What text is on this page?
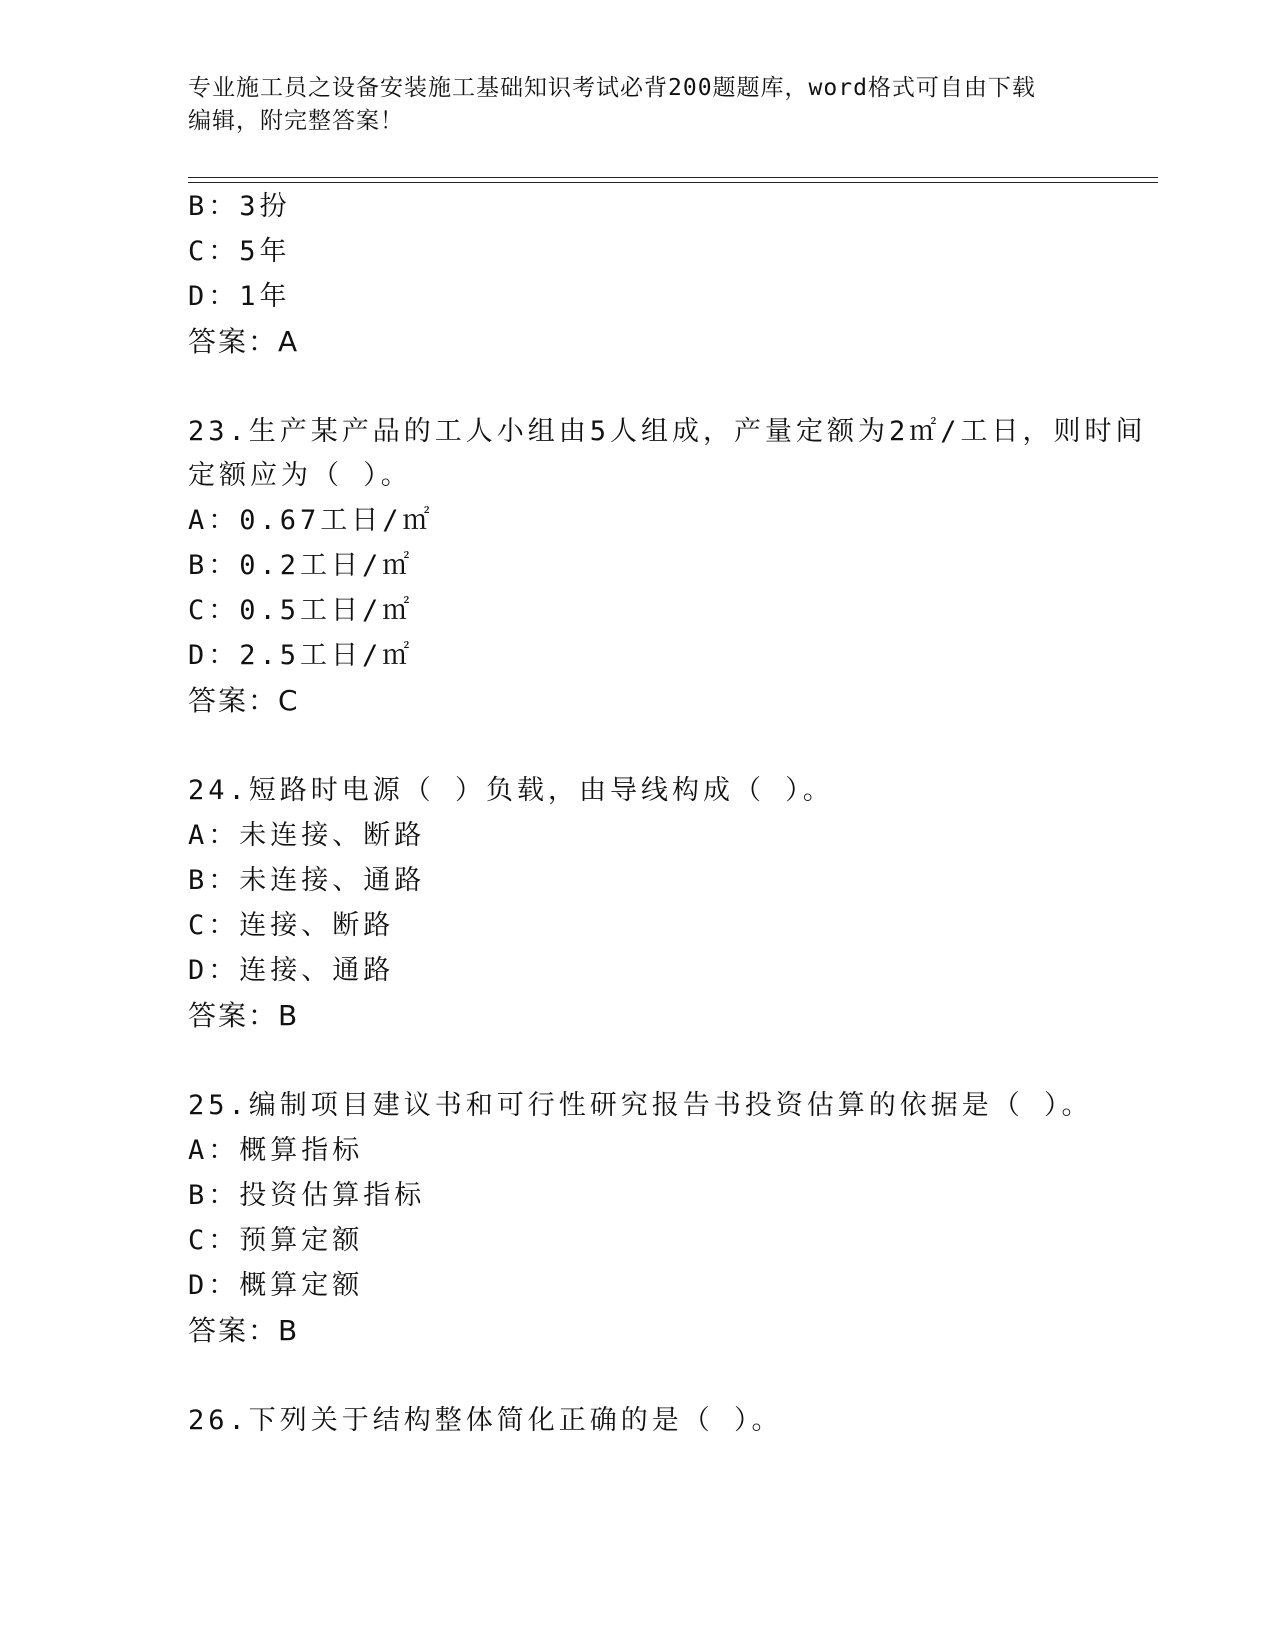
专业施工员之设备安装施工基础知识考试必背200题题库，word格式可自由下载
编辑，附完整答案！
B：3扮
C：5年
D：1年
答案：A
23.生产某产品的工人小组由5人组成，产量定额为2㎡/工日，则时间
定额应为（ ）。
A：0.67工日/㎡
B：0.2工日/㎡
C：0.5工日/㎡
D：2.5工日/㎡
答案：C
24.短路时电源（ ）负载，由导线构成（ ）。
A：未连接、断路
B：未连接、通路
C：连接、断路
D：连接、通路
答案：B
25.编制项目建议书和可行性研究报告书投资估算的依据是（ ）。
A：概算指标
B：投资估算指标
C：预算定额
D：概算定额
答案：B
26.下列关于结构整体简化正确的是（ ）。
